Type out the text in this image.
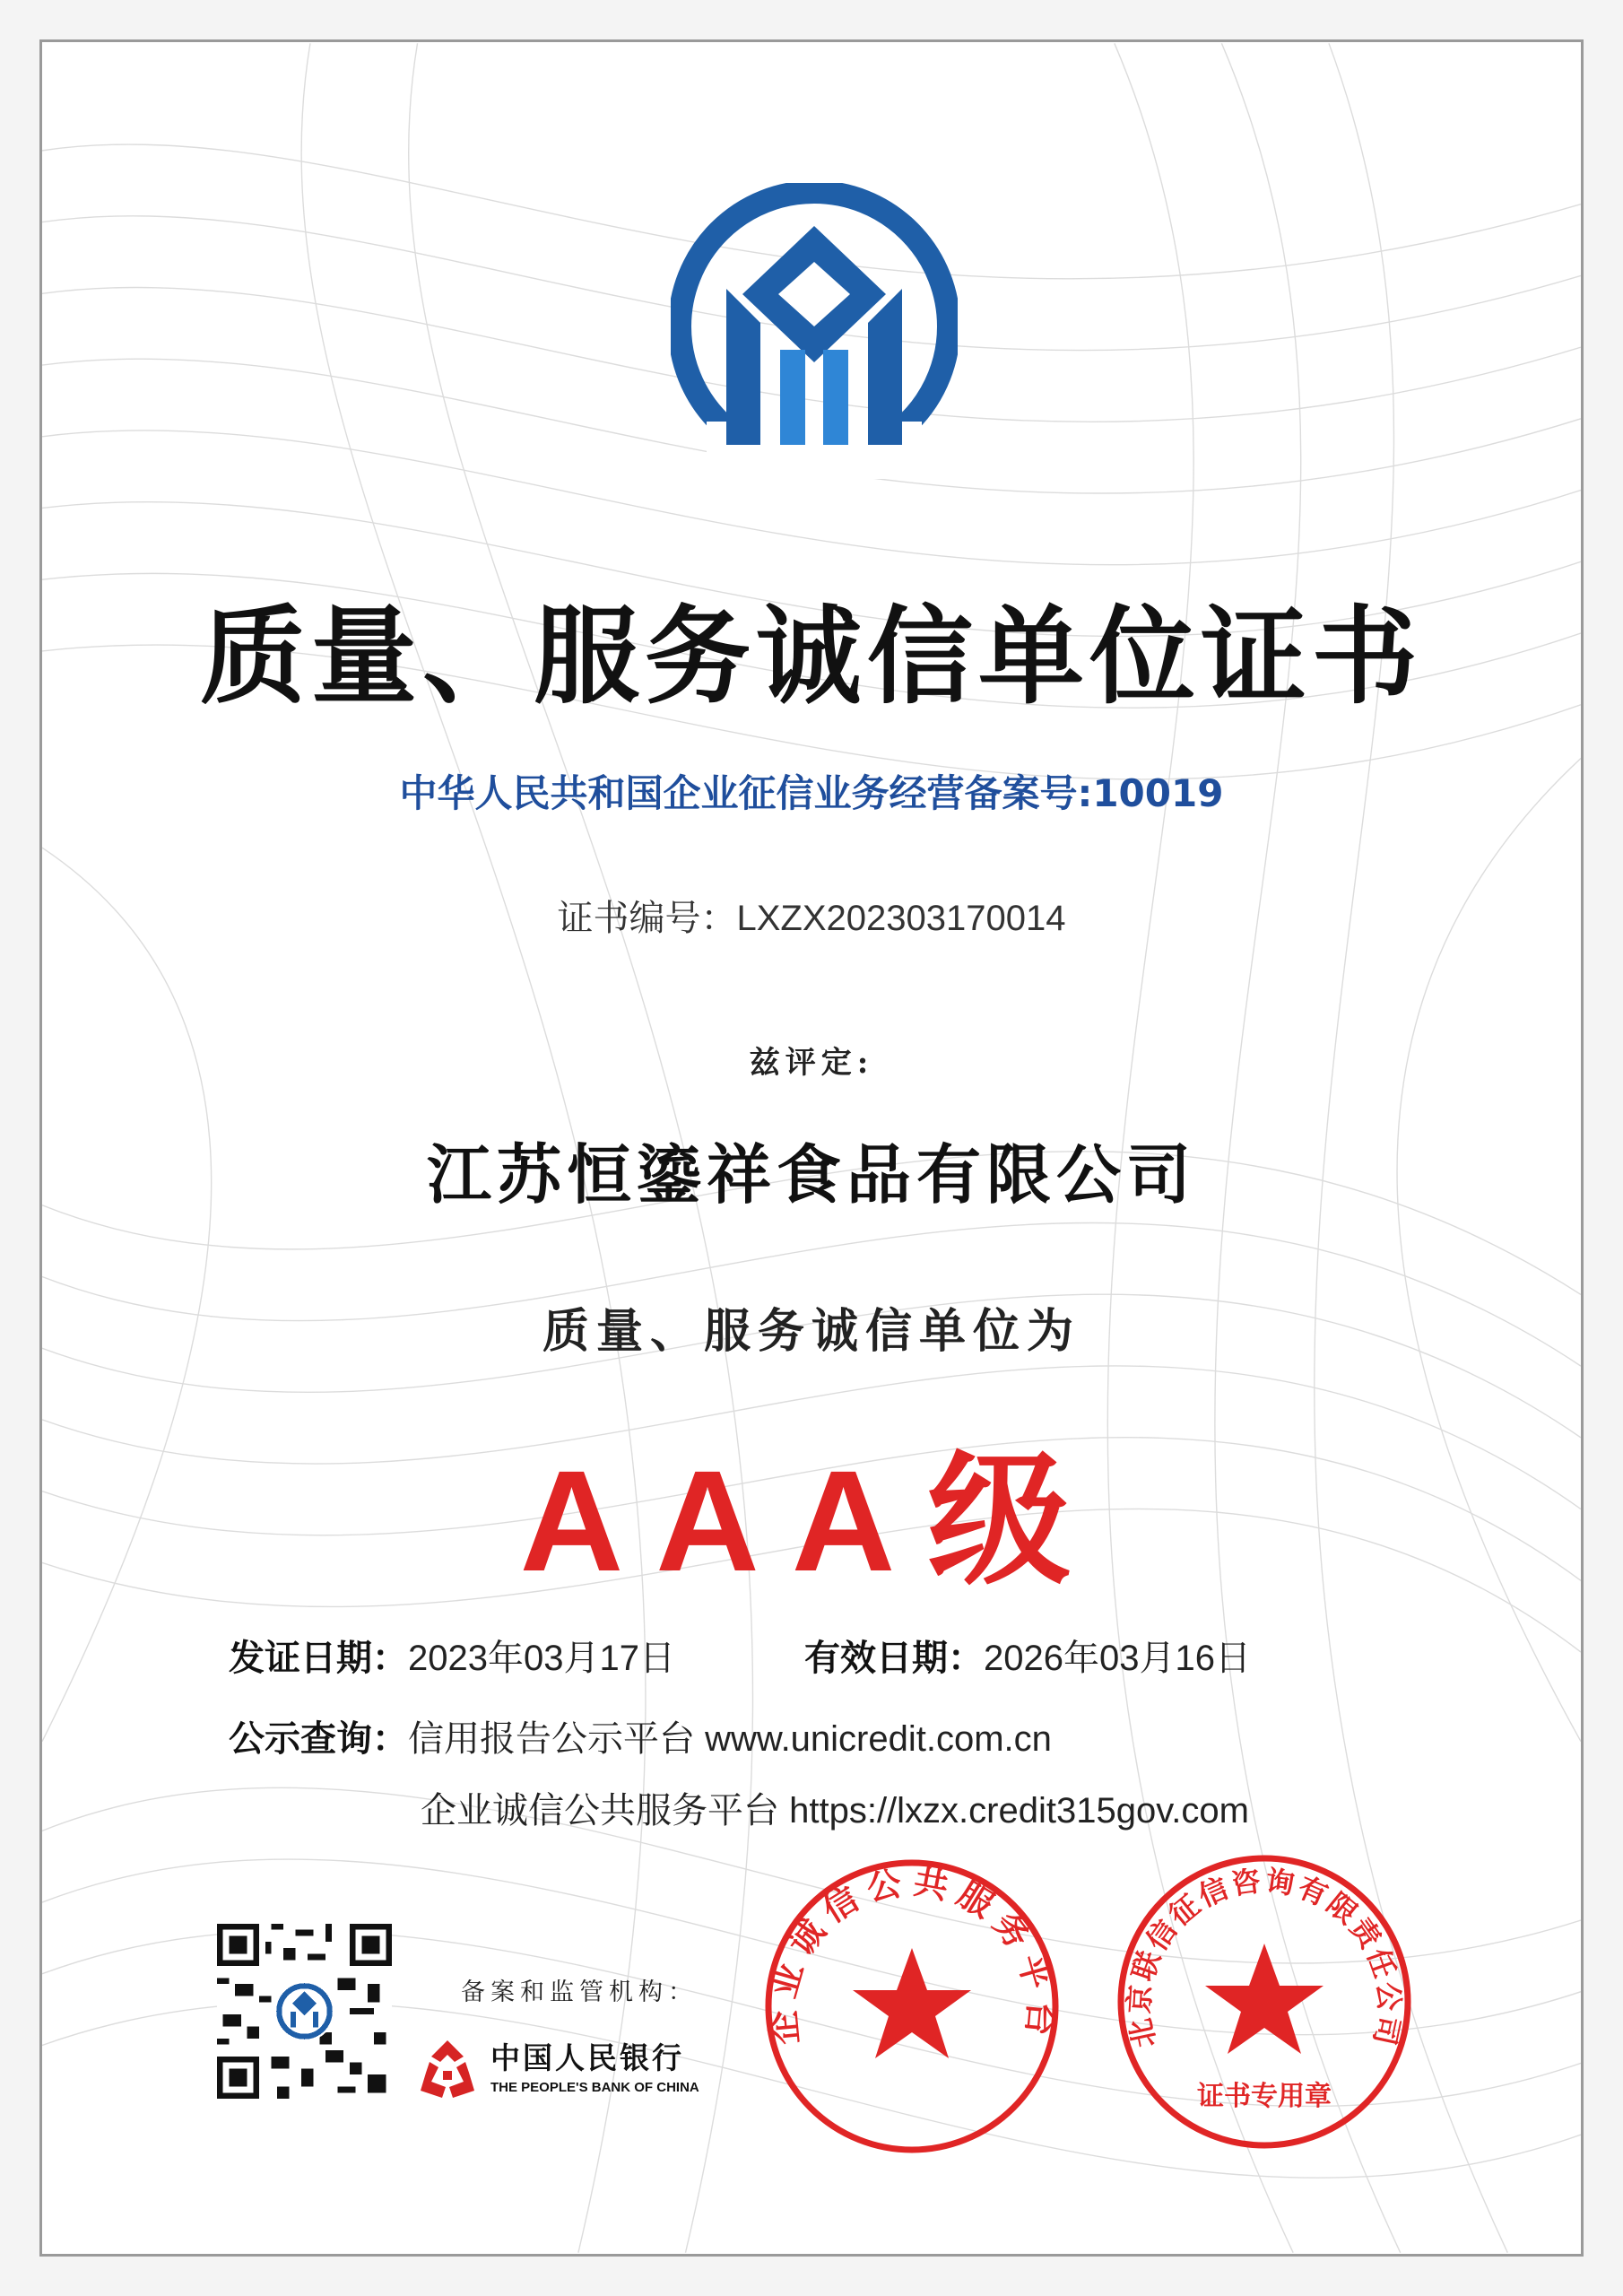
质量、服务诚信单位证书
中华人民共和国企业征信业务经营备案号:10019
证书编号：LXZX202303170014
兹评定:
江苏恒鎏祥食品有限公司
质量、服务诚信单位为
AAA级
发证日期：2023年03月17日	有效日期：2026年03月16日
公示查询：信用报告公示平台 www.unicredit.com.cn
企业诚信公共服务平台 https://lxzx.credit315gov.com
备案和监管机构：
中国人民银行
THE PEOPLE'S BANK OF CHINA
企业诚信公共服务平台 北京联信征信咨询有限责任公司
证书专用章
